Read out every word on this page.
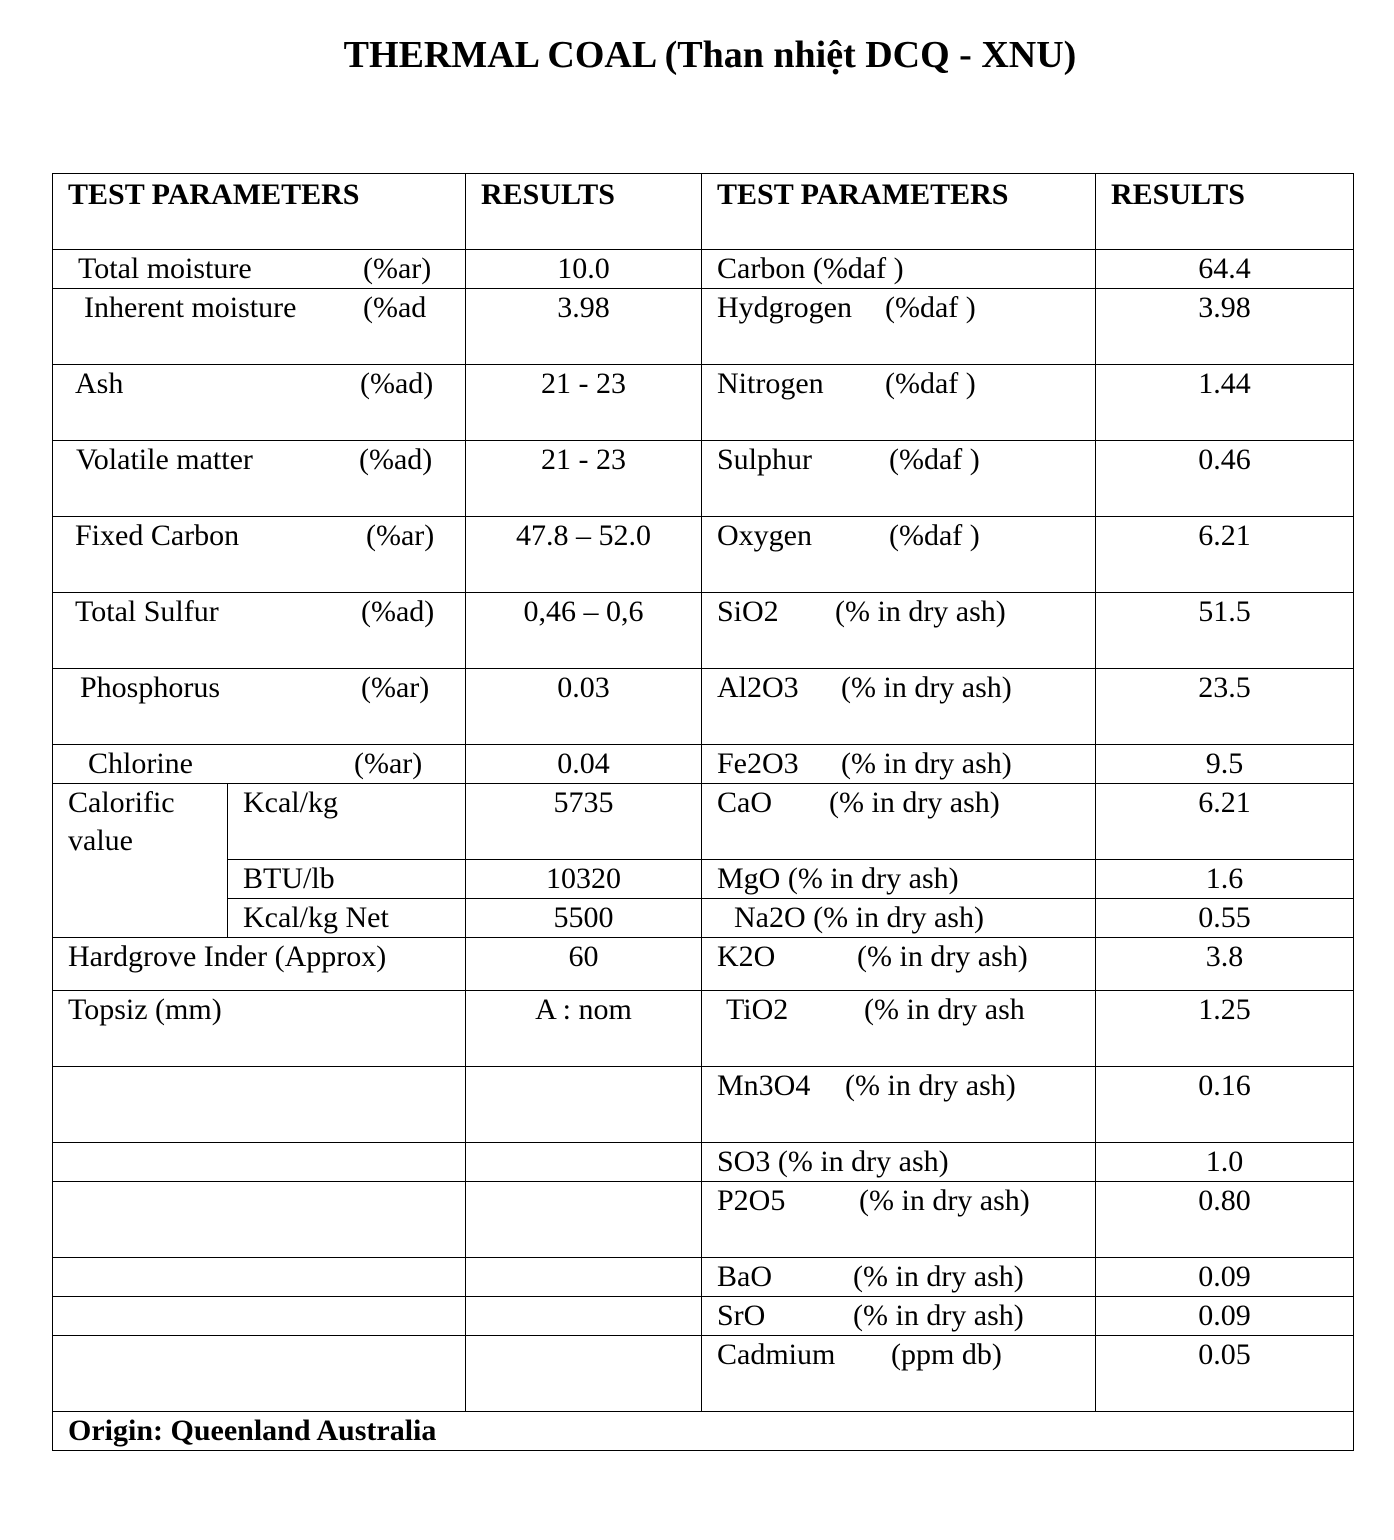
THERMAL COAL (Than nhiệt DCQ - XNU)
TEST PARAMETERS		RESULTS	TEST PARAMETERS	RESULTS
Total moisture (%ar)		10.0	Carbon (%daf )	64.4
Inherent moisture (%ad		3.98	Hydgrogen (%daf )	3.98
Ash (%ad)		21 - 23	Nitrogen (%daf )	1.44
Volatile matter (%ad)		21 - 23	Sulphur (%daf )	0.46
Fixed Carbon (%ar)		47.8 – 52.0	Oxygen (%daf )	6.21
Total Sulfur (%ad)		0,46 – 0,6	SiO2 (% in dry ash)	51.5
Phosphorus (%ar)		0.03	Al2O3 (% in dry ash)	23.5
Chlorine (%ar)		0.04	Fe2O3 (% in dry ash)	9.5
Calorific value	Kcal/kg	5735	CaO (% in dry ash)	6.21
	BTU/lb	10320	MgO (% in dry ash)	1.6
	Kcal/kg Net	5500	Na2O (% in dry ash)	0.55
Hardgrove Inder (Approx)		60	K2O (% in dry ash)	3.8
Topsiz (mm)		A : nom	TiO2 (% in dry ash	1.25
			Mn3O4 (% in dry ash)	0.16
			SO3 (% in dry ash)	1.0
			P2O5 (% in dry ash)	0.80
			BaO (% in dry ash)	0.09
			SrO (% in dry ash)	0.09
			Cadmium (ppm db)	0.05
Origin: Queenland Australia				
